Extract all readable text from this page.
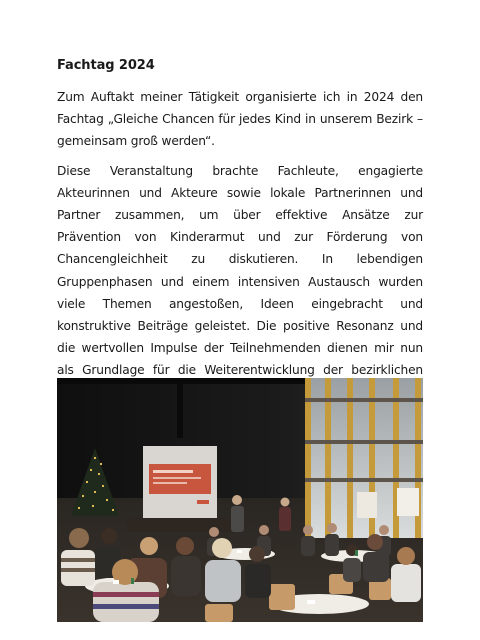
Fachtag 2024

Zum Auftakt meiner Tätigkeit organisierte ich in 2024 den Fachtag „Gleiche Chancen für jedes Kind in unserem Bezirk – gemeinsam groß werden“.

Diese Veranstaltung brachte Fachleute, engagierte Akteurinnen und Akteure sowie lokale Partnerinnen und Partner zusammen, um über effektive Ansätze zur Prävention von Kinderarmut und zur Förderung von Chancengleichheit zu diskutieren. In lebendigen Gruppenphasen und einem intensiven Austausch wurden viele Themen angestoßen, Ideen eingebracht und konstruktive Beiträge geleistet. Die positive Resonanz und die wertvollen Impulse der Teilnehmenden dienen mir nun als Grundlage für die Weiterentwicklung der bezirklichen
